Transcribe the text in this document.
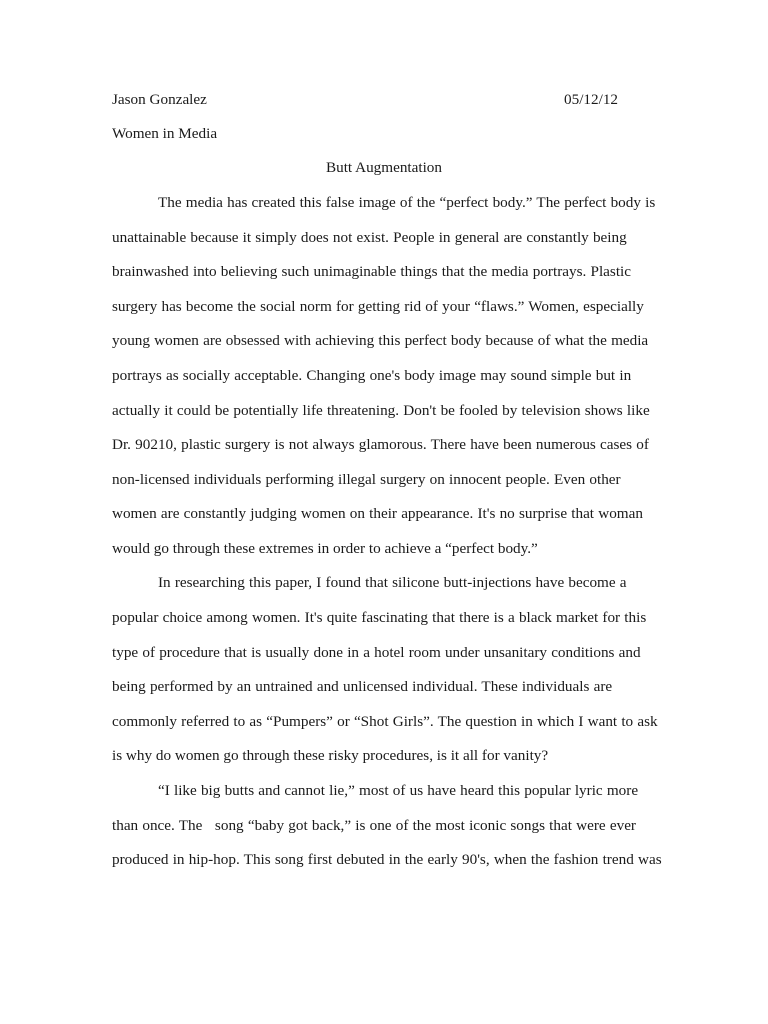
Jason Gonzalez	05/12/12
Women in Media
Butt Augmentation
The media has created this false image of the “perfect body.” The perfect body is
unattainable because it simply does not exist. People in general are constantly being
brainwashed into believing such unimaginable things that the media portrays. Plastic
surgery has become the social norm for getting rid of your “flaws.” Women, especially
young women are obsessed with achieving this perfect body because of what the media
portrays as socially acceptable. Changing one's body image may sound simple but in
actually it could be potentially life threatening. Don't be fooled by television shows like
Dr. 90210, plastic surgery is not always glamorous. There have been numerous cases of
non-licensed individuals performing illegal surgery on innocent people. Even other
women are constantly judging women on their appearance. It's no surprise that woman
would go through these extremes in order to achieve a “perfect body.”
In researching this paper, I found that silicone butt-injections have become a
popular choice among women. It's quite fascinating that there is a black market for this
type of procedure that is usually done in a hotel room under unsanitary conditions and
being performed by an untrained and unlicensed individual. These individuals are
commonly referred to as “Pumpers” or “Shot Girls”. The question in which I want to ask
is why do women go through these risky procedures, is it all for vanity?
“I like big butts and cannot lie,” most of us have heard this popular lyric more
than once. The   song “baby got back,” is one of the most iconic songs that were ever
produced in hip-hop. This song first debuted in the early 90's, when the fashion trend was
